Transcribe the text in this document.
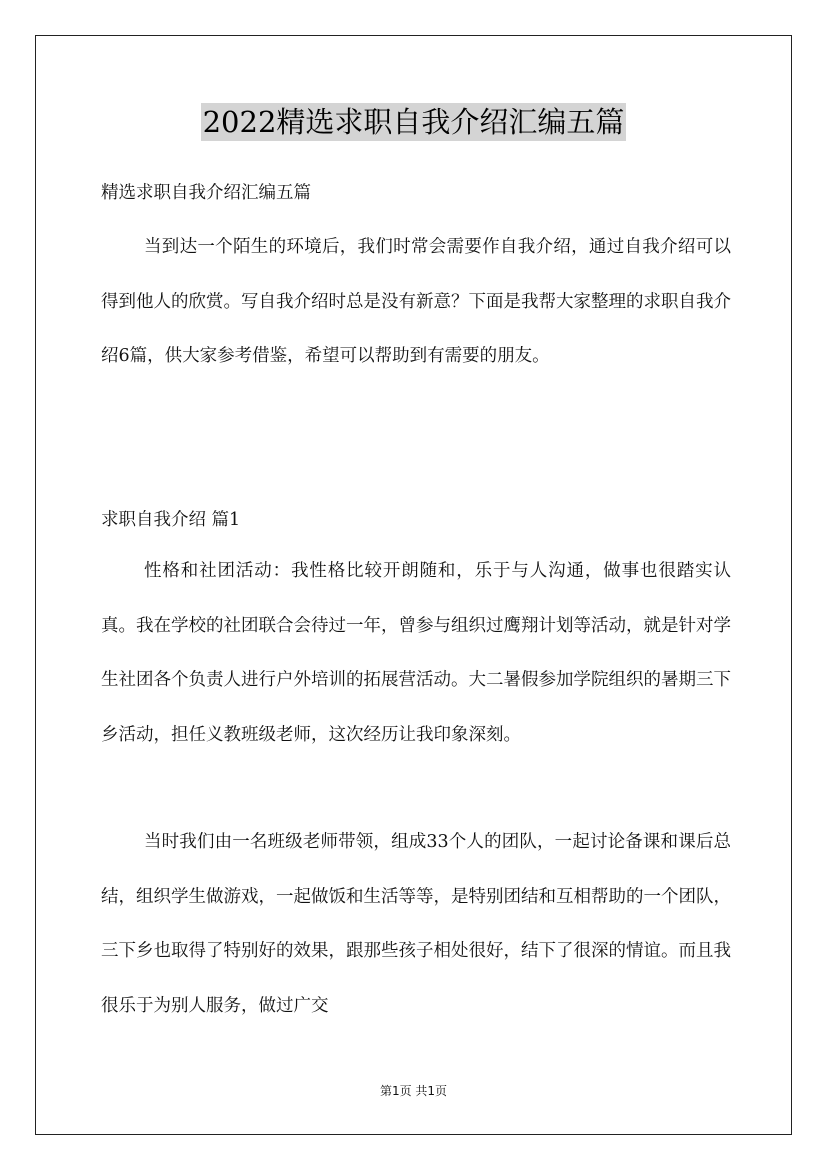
2022精选求职自我介绍汇编五篇

精选求职自我介绍汇编五篇

当到达一个陌生的环境后，我们时常会需要作自我介绍，通过自我介绍可以得到他人的欣赏。写自我介绍时总是没有新意？下面是我帮大家整理的求职自我介绍6篇，供大家参考借鉴，希望可以帮助到有需要的朋友。

求职自我介绍 篇1

性格和社团活动：我性格比较开朗随和，乐于与人沟通，做事也很踏实认真。我在学校的社团联合会待过一年，曾参与组织过鹰翔计划等活动，就是针对学生社团各个负责人进行户外培训的拓展营活动。大二暑假参加学院组织的暑期三下乡活动，担任义教班级老师，这次经历让我印象深刻。

当时我们由一名班级老师带领，组成33个人的团队，一起讨论备课和课后总结，组织学生做游戏，一起做饭和生活等等，是特别团结和互相帮助的一个团队，三下乡也取得了特别好的效果，跟那些孩子相处很好，结下了很深的情谊。而且我很乐于为别人服务，做过广交

第1页 共1页
